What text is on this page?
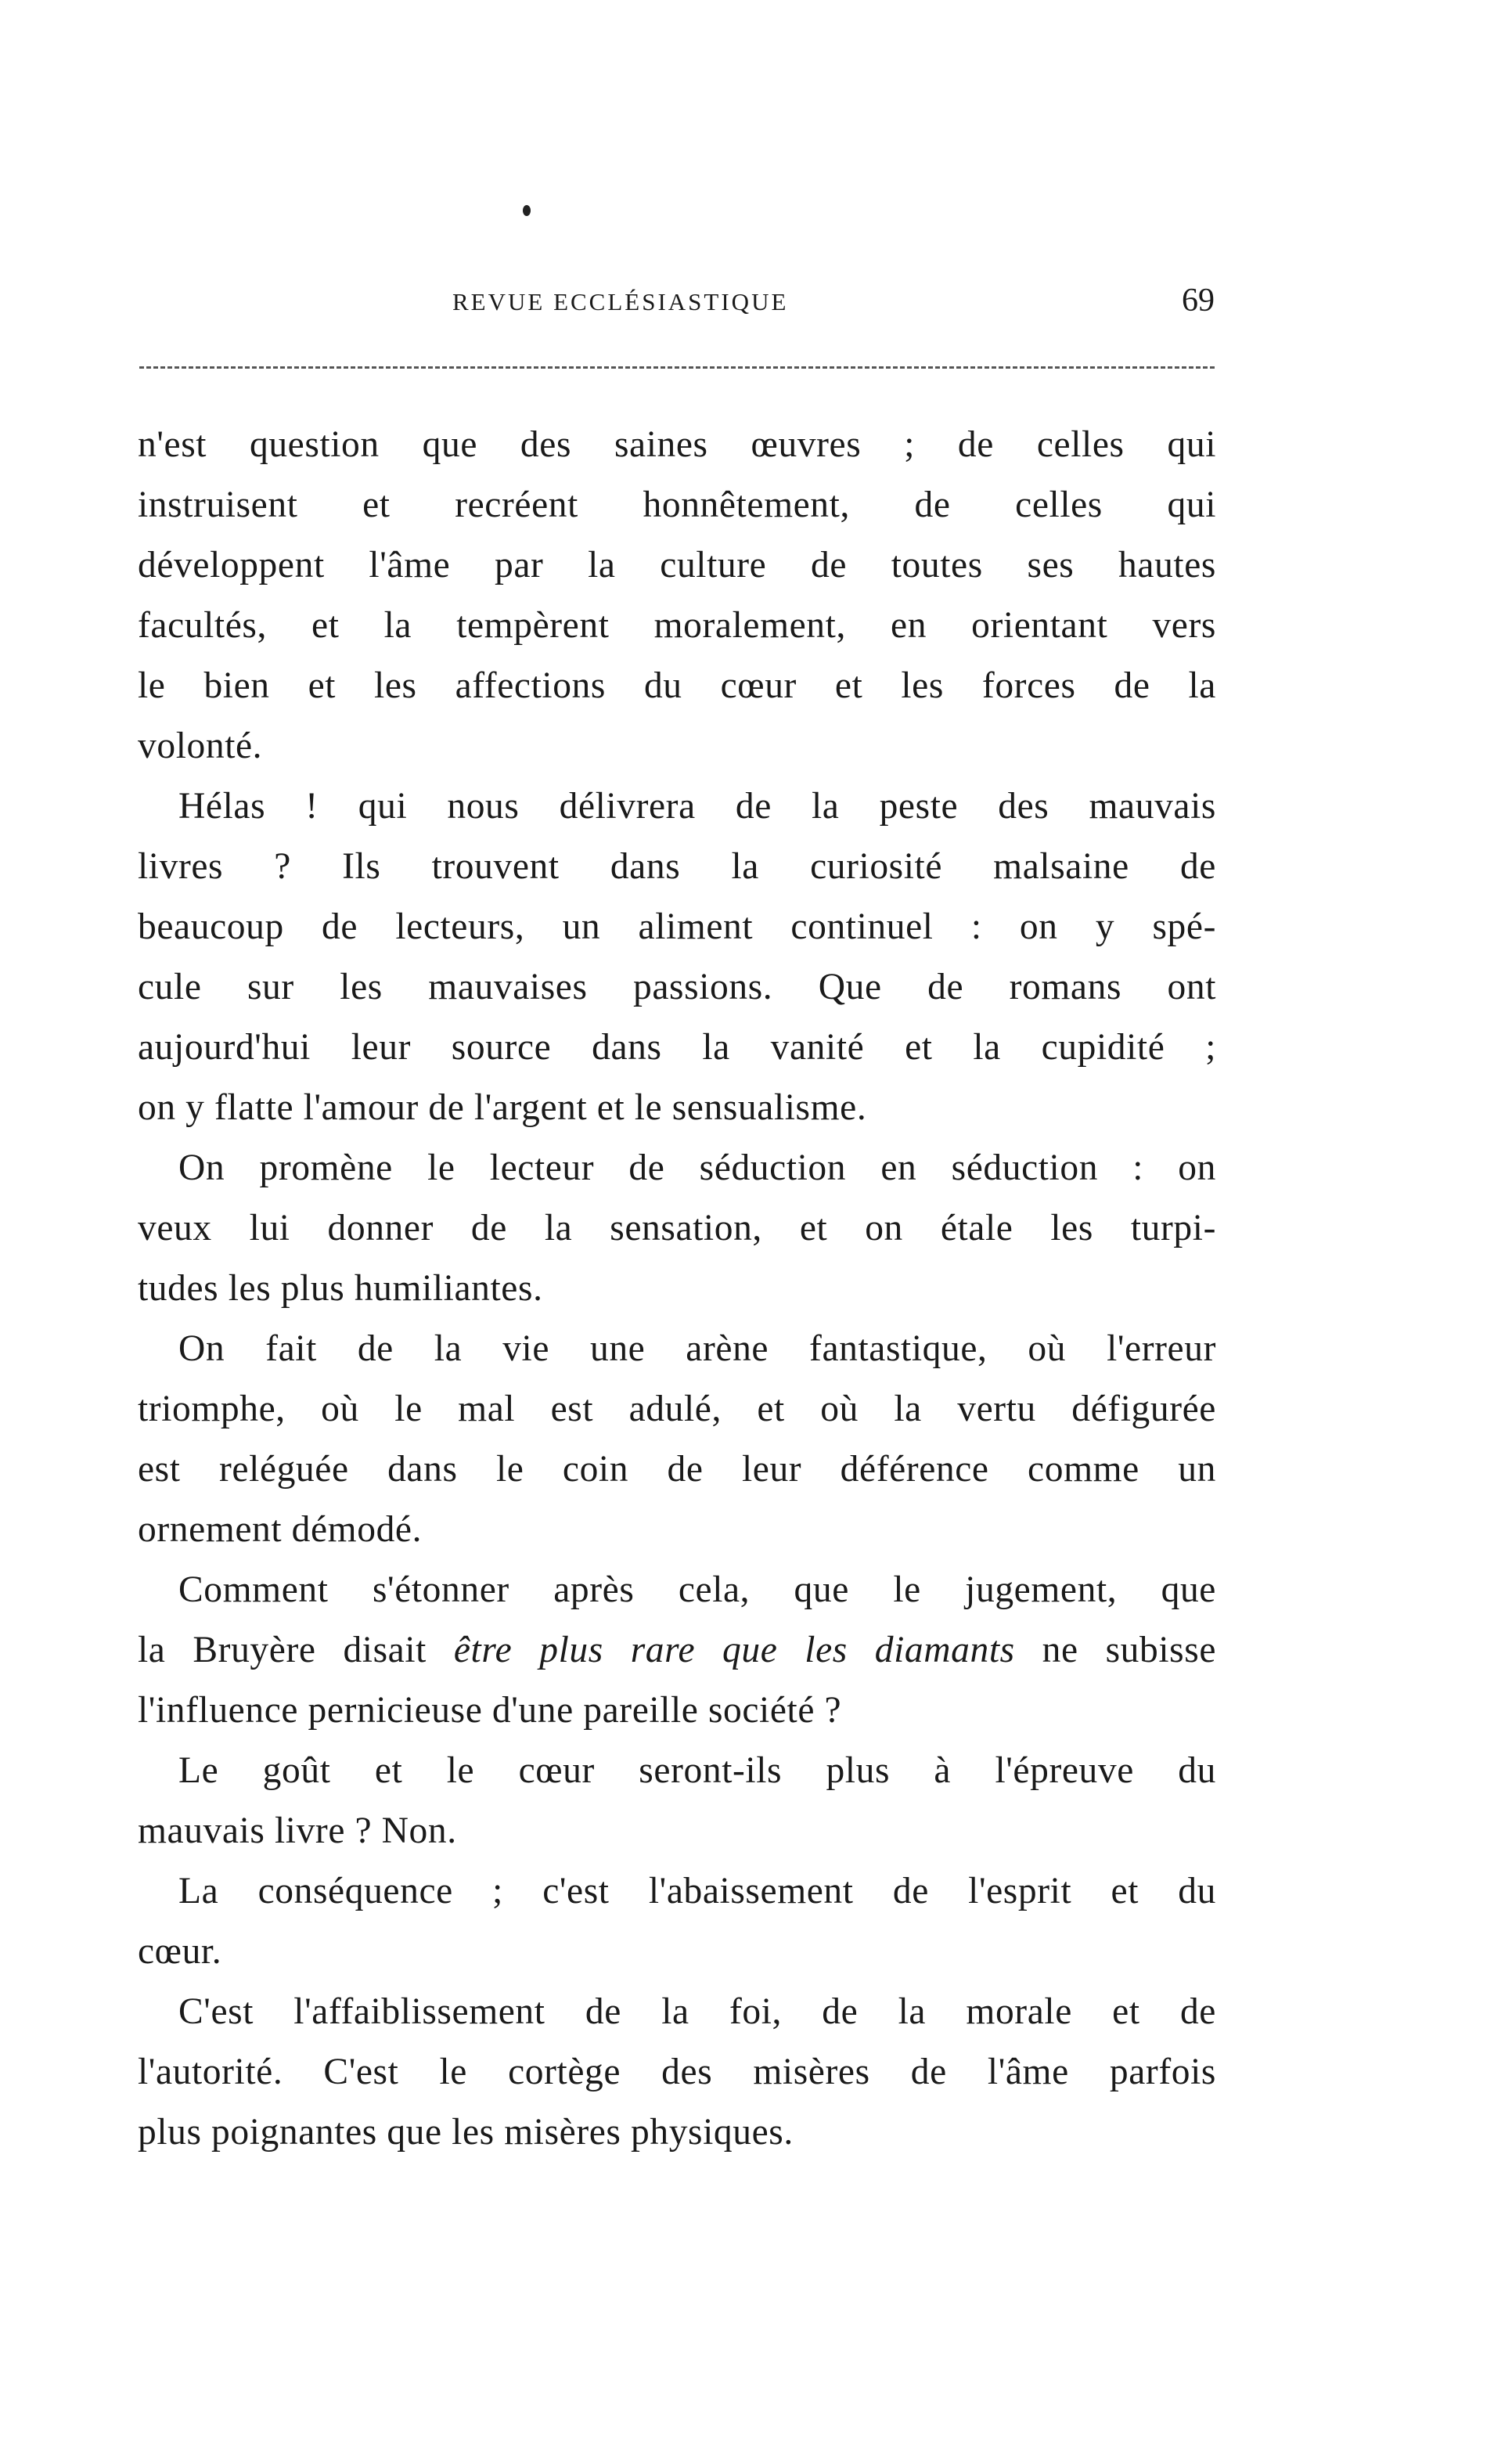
REVUE ECCLÉSIASTIQUE	69
n'est question que des saines œuvres ; de celles qui
instruisent et recréent honnêtement, de celles qui
développent l'âme par la culture de toutes ses hautes
facultés, et la tempèrent moralement, en orientant vers
le bien et les affections du cœur et les forces de la
volonté.
Hélas ! qui nous délivrera de la peste des mauvais
livres ? Ils trouvent dans la curiosité malsaine de
beaucoup de lecteurs, un aliment continuel : on y spé-
cule sur les mauvaises passions. Que de romans ont
aujourd'hui leur source dans la vanité et la cupidité ;
on y flatte l'amour de l'argent et le sensualisme.
On promène le lecteur de séduction en séduction : on
veux lui donner de la sensation, et on étale les turpi-
tudes les plus humiliantes.
On fait de la vie une arène fantastique, où l'erreur
triomphe, où le mal est adulé, et où la vertu défigurée
est reléguée dans le coin de leur déférence comme un
ornement démodé.
Comment s'étonner après cela, que le jugement, que
la Bruyère disait être plus rare que les diamants ne subisse
l'influence pernicieuse d'une pareille société ?
Le goût et le cœur seront-ils plus à l'épreuve du
mauvais livre ? Non.
La conséquence ; c'est l'abaissement de l'esprit et du
cœur.
C'est l'affaiblissement de la foi, de la morale et de
l'autorité. C'est le cortège des misères de l'âme parfois
plus poignantes que les misères physiques.
